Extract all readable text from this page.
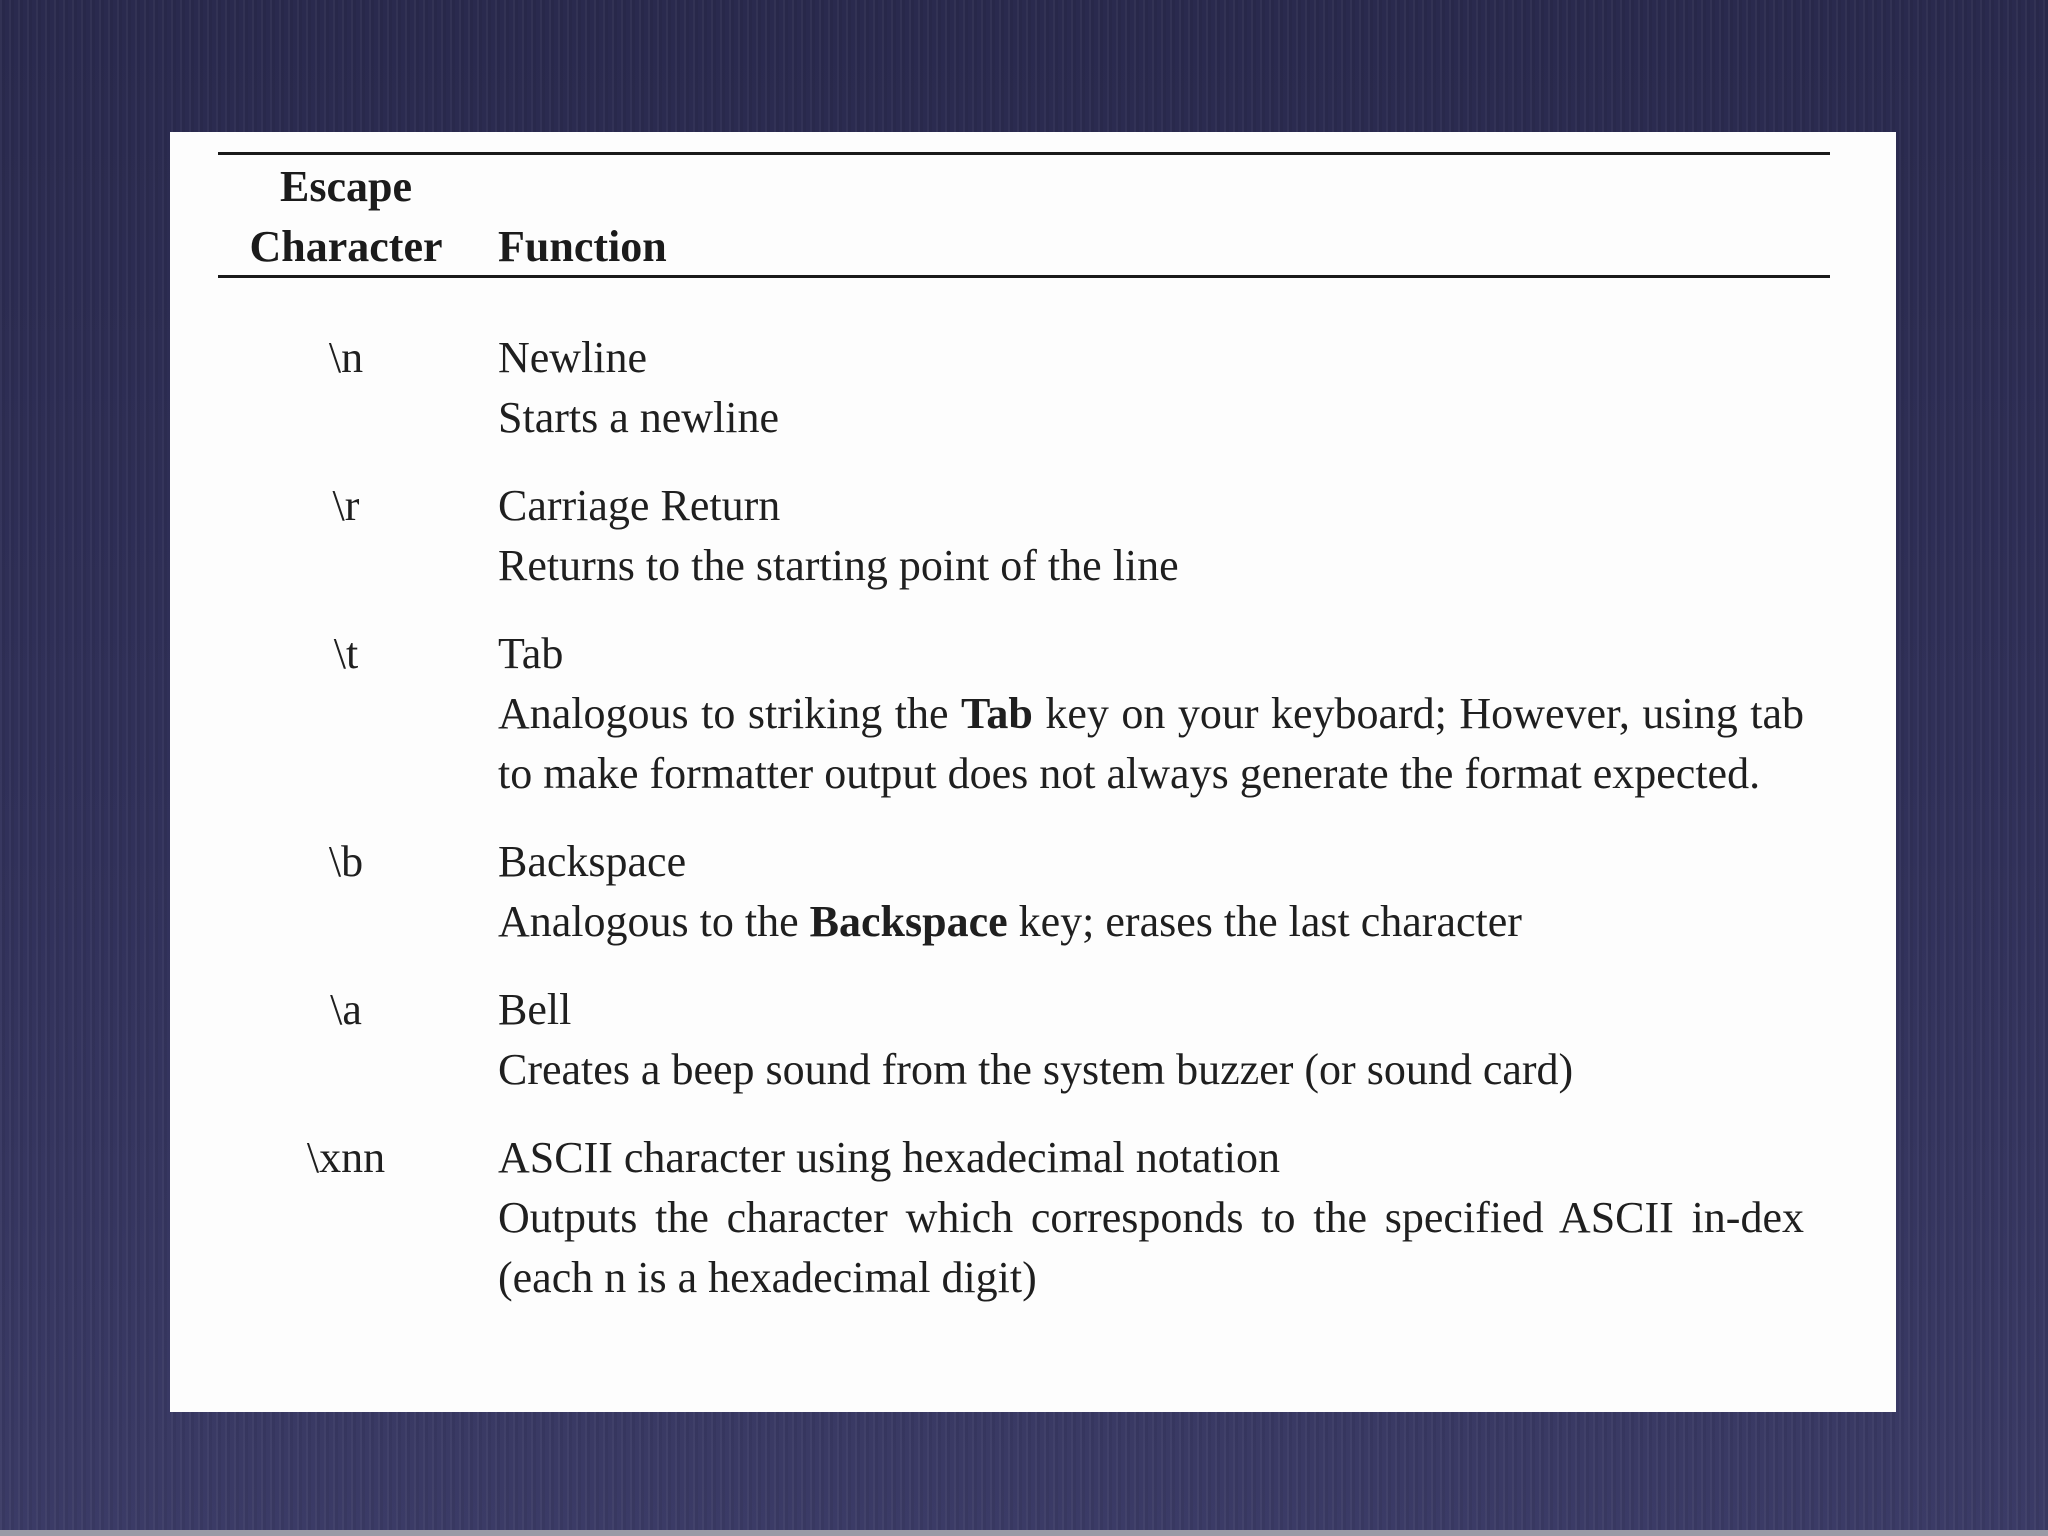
Escape
Character	Function
\n	Newline
Starts a newline
\r	Carriage Return
Returns to the starting point of the line
\t	Tab
Analogous to striking the Tab key on your keyboard; However, using tab to make formatter output does not always generate the format expected.
\b	Backspace
Analogous to the Backspace key; erases the last character
\a	Bell
Creates a beep sound from the system buzzer (or sound card)
\xnn	ASCII character using hexadecimal notation
Outputs the character which corresponds to the specified ASCII in-dex (each n is a hexadecimal digit)
